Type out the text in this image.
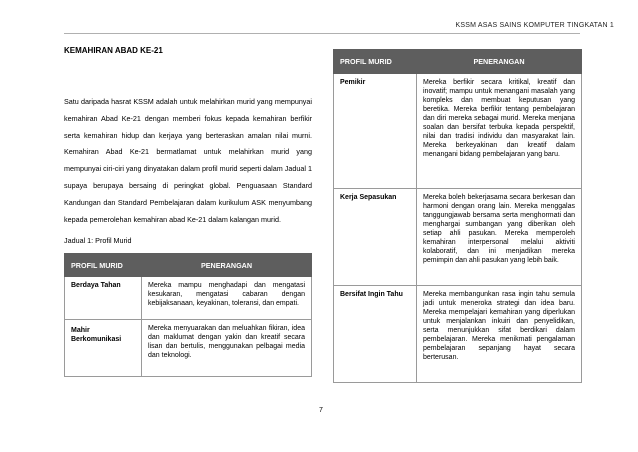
KSSM ASAS SAINS KOMPUTER TINGKATAN 1
KEMAHIRAN ABAD KE-21
Satu daripada hasrat KSSM adalah untuk melahirkan murid yang mempunyai kemahiran Abad Ke-21 dengan memberi fokus kepada kemahiran berfikir serta kemahiran hidup dan kerjaya yang berteraskan amalan nilai murni. Kemahiran Abad Ke-21 bermatlamat untuk melahirkan murid yang mempunyai ciri-ciri yang dinyatakan dalam profil murid seperti dalam Jadual 1 supaya berupaya bersaing di peringkat global. Penguasaan Standard Kandungan dan Standard Pembelajaran dalam kurikulum ASK menyumbang kepada pemerolehan kemahiran abad Ke-21 dalam kalangan murid.
Jadual 1: Profil Murid
PROFIL MURID	PENERANGAN
Berdaya Tahan	Mereka mampu menghadapi dan mengatasi kesukaran, mengatasi cabaran dengan kebijaksanaan, keyakinan, toleransi, dan empati.
Mahir Berkomunikasi	Mereka menyuarakan dan meluahkan fikiran, idea dan maklumat dengan yakin dan kreatif secara lisan dan bertulis, menggunakan pelbagai media dan teknologi.
PROFIL MURID	PENERANGAN
Pemikir	Mereka berfikir secara kritikal, kreatif dan inovatif; mampu untuk menangani masalah yang kompleks dan membuat keputusan yang beretika. Mereka berfikir tentang pembelajaran dan diri mereka sebagai murid. Mereka menjana soalan dan bersifat terbuka kepada perspektif, nilai dan tradisi individu dan masyarakat lain. Mereka berkeyakinan dan kreatif dalam menangani bidang pembelajaran yang baru.
Kerja Sepasukan	Mereka boleh bekerjasama secara berkesan dan harmoni dengan orang lain. Mereka menggalas tanggungjawab bersama serta menghormati dan menghargai sumbangan yang diberikan oleh setiap ahli pasukan. Mereka memperoleh kemahiran interpersonal melalui aktiviti kolaboratif, dan ini menjadikan mereka pemimpin dan ahli pasukan yang lebih baik.
Bersifat Ingin Tahu	Mereka membangunkan rasa ingin tahu semula jadi untuk meneroka strategi dan idea baru. Mereka mempelajari kemahiran yang diperlukan untuk menjalankan inkuiri dan penyelidikan, serta menunjukkan sifat berdikari dalam pembelajaran. Mereka menikmati pengalaman pembelajaran sepanjang hayat secara berterusan.
7
